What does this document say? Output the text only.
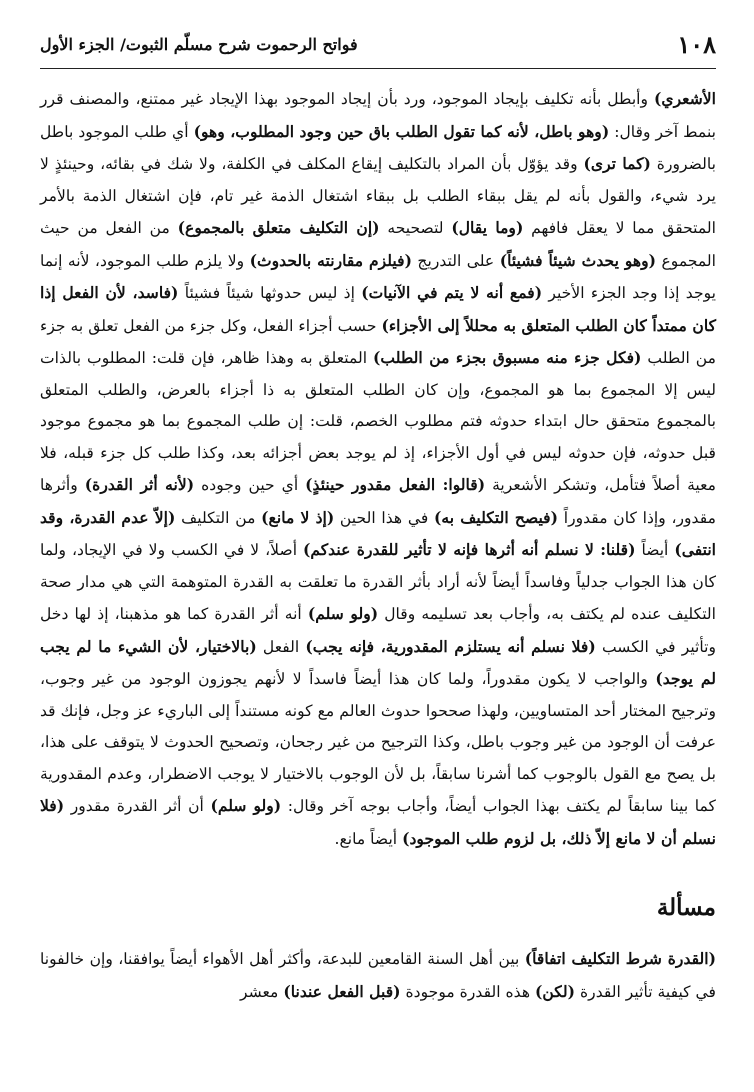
١٠٨
فواتح الرحموت شرح مسلّم الثبوت/ الجزء الأول

الأشعري) وأبطل بأنه تكليف بإيجاد الموجود، ورد بأن إيجاد الموجود بهذا الإيجاد غير ممتنع، والمصنف قرر بنمط آخر وقال: (وهو باطل، لأنه كما تقول الطلب باق حين وجود المطلوب، وهو) أي طلب الموجود باطل بالضرورة (كما ترى) وقد يؤوّل بأن المراد بالتكليف إيقاع المكلف في الكلفة، ولا شك في بقائه، وحينئذٍ لا يرد شيء، والقول بأنه لم يقل ببقاء الطلب بل ببقاء اشتغال الذمة غير تام، فإن اشتغال الذمة بالأمر المتحقق مما لا يعقل فافهم (وما يقال) لتصحيحه (إن التكليف متعلق بالمجموع) من الفعل من حيث المجموع (وهو يحدث شيئاً فشيئاً) على التدريج (فيلزم مقارنته بالحدوث) ولا يلزم طلب الموجود، لأنه إنما يوجد إذا وجد الجزء الأخير (فمع أنه لا يتم في الآنيات) إذ ليس حدوثها شيئاً فشيئاً (فاسد، لأن الفعل إذا كان ممتداً كان الطلب المتعلق به محللاً إلى الأجزاء) حسب أجزاء الفعل، وكل جزء من الفعل تعلق به جزء من الطلب (فكل جزء منه مسبوق بجزء من الطلب) المتعلق به وهذا ظاهر، فإن قلت: المطلوب بالذات ليس إلا المجموع بما هو المجموع، وإن كان الطلب المتعلق به ذا أجزاء بالعرض، والطلب المتعلق بالمجموع متحقق حال ابتداء حدوثه فتم مطلوب الخصم، قلت: إن طلب المجموع بما هو مجموع موجود قبل حدوثه، فإن حدوثه ليس في أول الأجزاء، إذ لم يوجد بعض أجزائه بعد، وكذا طلب كل جزء قبله، فلا معية أصلاً فتأمل، وتشكر الأشعرية (قالوا: الفعل مقدور حينئذٍ) أي حين وجوده (لأنه أثر القدرة) وأثرها مقدور، وإذا كان مقدوراً (فيصح التكليف به) في هذا الحين (إذ لا مانع) من التكليف (إلاّ عدم القدرة، وقد انتفى) أيضاً (قلنا: لا نسلم أنه أثرها فإنه لا تأثير للقدرة عندكم) أصلاً، لا في الكسب ولا في الإيجاد، ولما كان هذا الجواب جدلياً وفاسداً أيضاً لأنه أراد بأثر القدرة ما تعلقت به القدرة المتوهمة التي هي مدار صحة التكليف عنده لم يكتف به، وأجاب بعد تسليمه وقال (ولو سلم) أنه أثر القدرة كما هو مذهبنا، إذ لها دخل وتأثير في الكسب (فلا نسلم أنه يستلزم المقدورية، فإنه يجب) الفعل (بالاختيار، لأن الشيء ما لم يجب لم يوجد) والواجب لا يكون مقدوراً، ولما كان هذا أيضاً فاسداً لا لأنهم يجوزون الوجود من غير وجوب، وترجيح المختار أحد المتساويين، ولهذا صححوا حدوث العالم مع كونه مستنداً إلى الباريء عز وجل، فإنك قد عرفت أن الوجود من غير وجوب باطل، وكذا الترجيح من غير رجحان، وتصحيح الحدوث لا يتوقف على هذا، بل يصح مع القول بالوجوب كما أشرنا سابقاً، بل لأن الوجوب بالاختيار لا يوجب الاضطرار، وعدم المقدورية كما بينا سابقاً لم يكتف بهذا الجواب أيضاً، وأجاب بوجه آخر وقال: (ولو سلم) أن أثر القدرة مقدور (فلا نسلم أن لا مانع إلاّ ذلك، بل لزوم طلب الموجود) أيضاً مانع.

مسألة

(القدرة شرط التكليف اتفاقاً) بين أهل السنة القامعين للبدعة، وأكثر أهل الأهواء أيضاً يوافقنا، وإن خالفونا في كيفية تأثير القدرة (لكن) هذه القدرة موجودة (قبل الفعل عندنا) معشر
